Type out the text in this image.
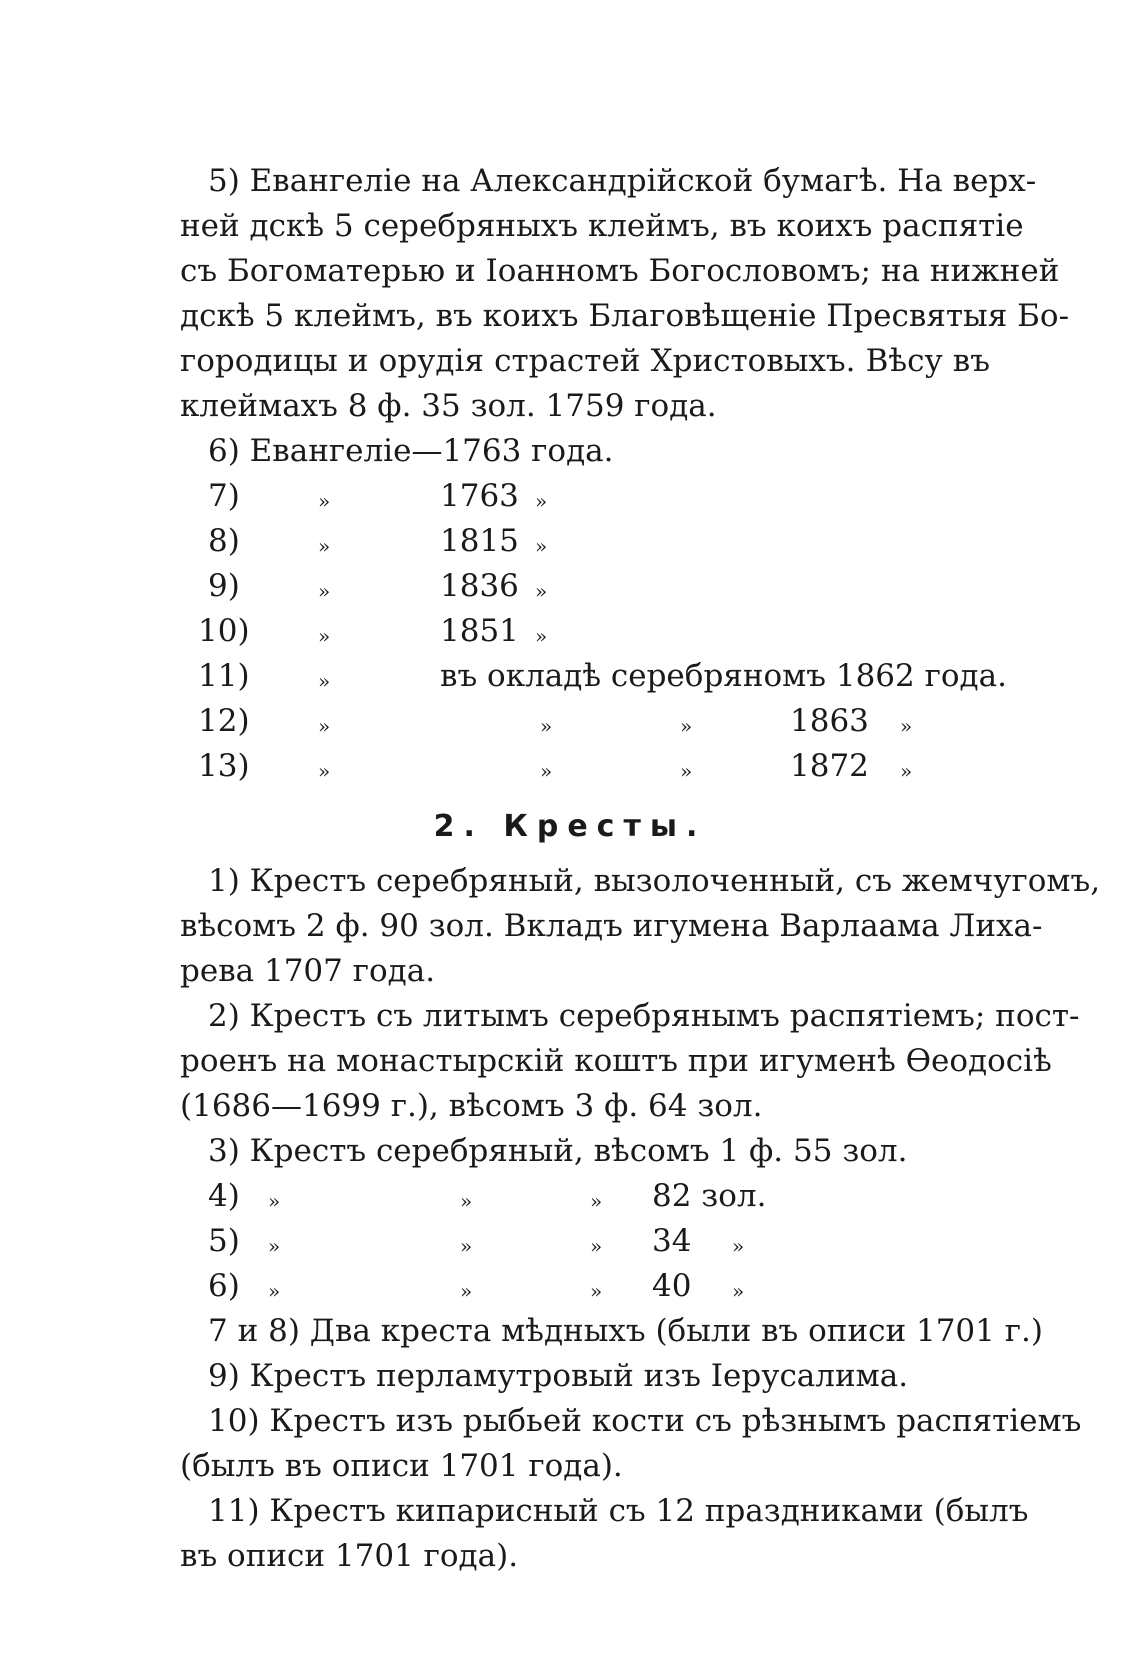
5) Евангеліе на Александрійской бумагѣ. На верх-
ней дскѣ 5 серебряныхъ клеймъ, въ коихъ распятіе
съ Богоматерью и Іоанномъ Богословомъ; на нижней
дскѣ 5 клеймъ, въ коихъ Благовѣщеніе Пресвятыя Бо-
городицы и орудія страстей Христовыхъ. Вѣсу въ
клеймахъ 8 ф. 35 зол. 1759 года.
6) Евангеліе—1763 года.
7)	»	1763 »
8)	»	1815 »
9)	»	1836 »
10)	»	1851 »
11)	»	въ окладѣ серебряномъ 1862 года.
12)	»	»	»	1863 »
13)	»	»	»	1872 »
2. Кресты.
1) Крестъ серебряный, вызолоченный, съ жемчугомъ,
вѣсомъ 2 ф. 90 зол. Вкладъ игумена Варлаама Лиха-
рева 1707 года.
2) Крестъ съ литымъ серебрянымъ распятіемъ; пост-
роенъ на монастырскій коштъ при игуменѣ Ѳеодосіѣ
(1686—1699 г.), вѣсомъ 3 ф. 64 зол.
3) Крестъ серебряный, вѣсомъ 1 ф. 55 зол.
4) »	»	» 82 зол.
5) »	»	» 34 »
6) »	»	» 40 »
7 и 8) Два креста мѣдныхъ (были въ описи 1701 г.)
9) Крестъ перламутровый изъ Іерусалима.
10) Крестъ изъ рыбьей кости съ рѣзнымъ распятіемъ
(былъ въ описи 1701 года).
11) Крестъ кипарисный съ 12 праздниками (былъ
въ описи 1701 года).
